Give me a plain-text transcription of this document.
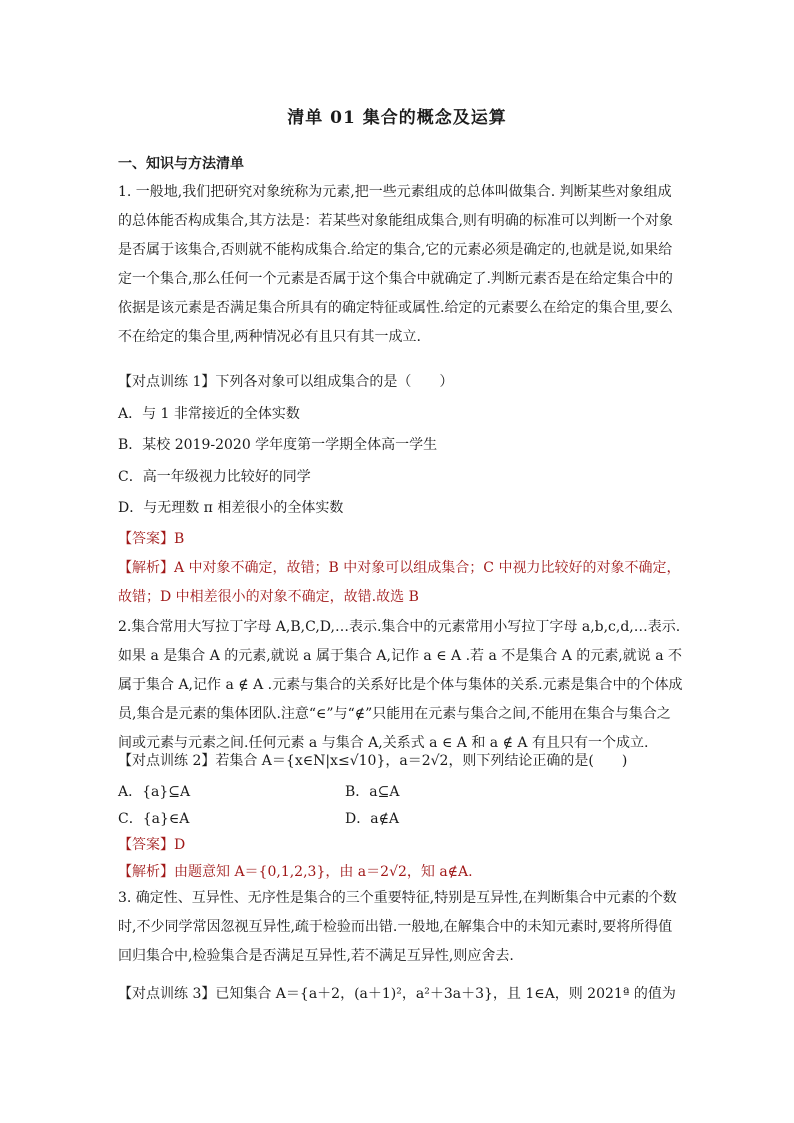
清单 01 集合的概念及运算
一、知识与方法清单
1. 一般地,我们把研究对象统称为元素,把一些元素组成的总体叫做集合. 判断某些对象组成的总体能否构成集合,其方法是：若某些对象能组成集合,则有明确的标准可以判断一个对象是否属于该集合,否则就不能构成集合.给定的集合,它的元素必须是确定的,也就是说,如果给定一个集合,那么任何一个元素是否属于这个集合中就确定了.判断元素否是在给定集合中的依据是该元素是否满足集合所具有的确定特征或属性.给定的元素要么在给定的集合里,要么不在给定的集合里,两种情况必有且只有其一成立.
【对点训练 1】下列各对象可以组成集合的是（　　）
A．与 1 非常接近的全体实数
B．某校 2019-2020 学年度第一学期全体高一学生
C．高一年级视力比较好的同学
D．与无理数 π 相差很小的全体实数
【答案】B
【解析】A 中对象不确定，故错；B 中对象可以组成集合；C 中视力比较好的对象不确定，故错；D 中相差很小的对象不确定，故错.故选 B
2.集合常用大写拉丁字母 A,B,C,D,…表示.集合中的元素常用小写拉丁字母 a,b,c,d,…表示.如果 a 是集合 A 的元素,就说 a 属于集合 A,记作 a ∈ A .若 a 不是集合 A 的元素,就说 a 不属于集合 A,记作 a ∉ A .元素与集合的关系好比是个体与集体的关系.元素是集合中的个体成员,集合是元素的集体团队.注意“∈”与“∉”只能用在元素与集合之间,不能用在集合与集合之间或元素与元素之间.任何元素 a 与集合 A,关系式 a ∈ A 和 a ∉ A 有且只有一个成立.
【对点训练 2】若集合 A＝{x∈N|x≤√10}，a＝2√2，则下列结论正确的是(　　)
A．{a}⊆A	B．a⊆A
C．{a}∈A	D．a∉A
【答案】D
【解析】由题意知 A＝{0,1,2,3}，由 a＝2√2，知 a∉A.
3. 确定性、互异性、无序性是集合的三个重要特征,特别是互异性,在判断集合中元素的个数时,不少同学常因忽视互异性,疏于检验而出错.一般地,在解集合中的未知元素时,要将所得值回归集合中,检验集合是否满足互异性,若不满足互异性,则应舍去.
【对点训练 3】已知集合 A＝{a＋2，(a＋1)²，a²＋3a＋3}，且 1∈A，则 2021ª 的值为
